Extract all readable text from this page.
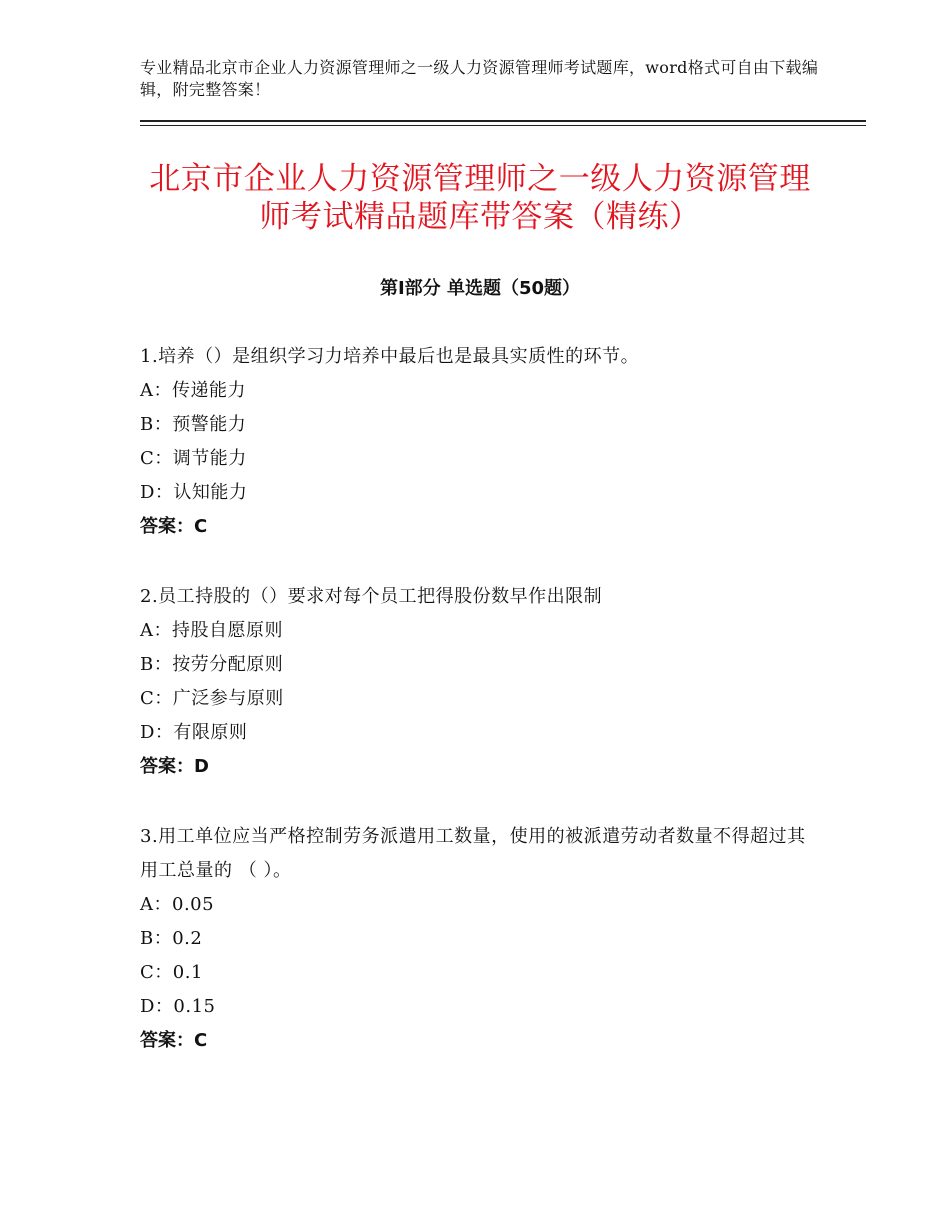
专业精品北京市企业人力资源管理师之一级人力资源管理师考试题库，word格式可自由下载编辑，附完整答案！
北京市企业人力资源管理师之一级人力资源管理师考试精品题库带答案（精练）
第Ⅰ部分 单选题（50题）
1.培养（）是组织学习力培养中最后也是最具实质性的环节。
A：传递能力
B：预警能力
C：调节能力
D：认知能力
答案：C
2.员工持股的（）要求对每个员工把得股份数早作出限制
A：持股自愿原则
B：按劳分配原则
C：广泛参与原则
D：有限原则
答案：D
3.用工单位应当严格控制劳务派遣用工数量，使用的被派遣劳动者数量不得超过其用工总量的 （ ）。
A：0.05
B：0.2
C：0.1
D：0.15
答案：C
